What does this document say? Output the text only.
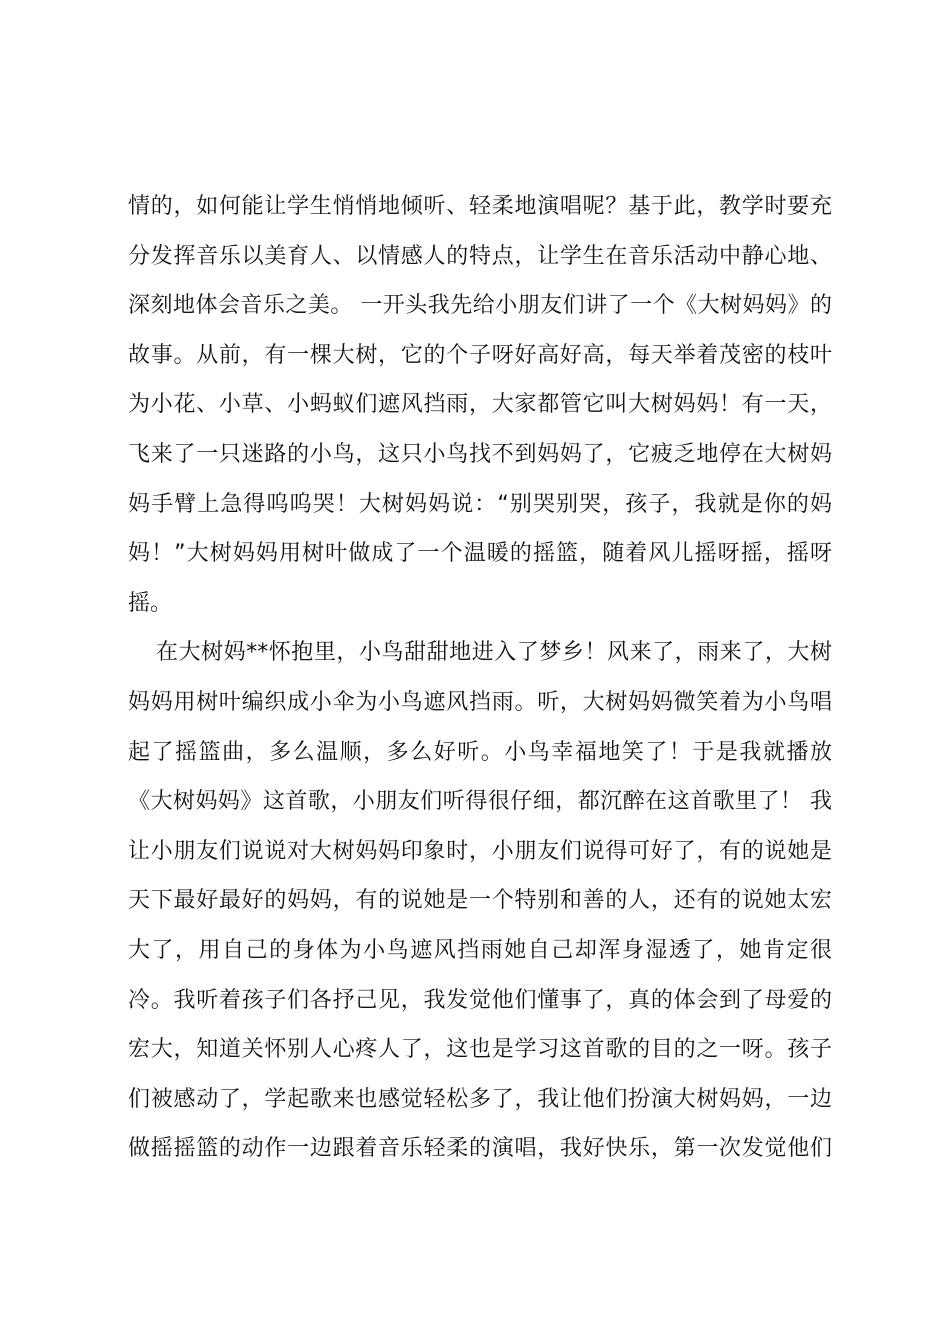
情的，如何能让学生悄悄地倾听、轻柔地演唱呢？基于此，教学时要充
分发挥音乐以美育人、以情感人的特点，让学生在音乐活动中静心地、
深刻地体会音乐之美。 一开头我先给小朋友们讲了一个《大树妈妈》的
故事。从前，有一棵大树，它的个子呀好高好高，每天举着茂密的枝叶
为小花、小草、小蚂蚁们遮风挡雨，大家都管它叫大树妈妈！有一天，
飞来了一只迷路的小鸟，这只小鸟找不到妈妈了，它疲乏地停在大树妈
妈手臂上急得呜呜哭！大树妈妈说：“别哭别哭，孩子，我就是你的妈
妈！”大树妈妈用树叶做成了一个温暖的摇篮，随着风儿摇呀摇，摇呀
摇。
在大树妈**怀抱里，小鸟甜甜地进入了梦乡！风来了，雨来了，大树
妈妈用树叶编织成小伞为小鸟遮风挡雨。听，大树妈妈微笑着为小鸟唱
起了摇篮曲，多么温顺，多么好听。小鸟幸福地笑了！于是我就播放
《大树妈妈》这首歌，小朋友们听得很仔细，都沉醉在这首歌里了！ 我
让小朋友们说说对大树妈妈印象时，小朋友们说得可好了，有的说她是
天下最好最好的妈妈，有的说她是一个特别和善的人，还有的说她太宏
大了，用自己的身体为小鸟遮风挡雨她自己却浑身湿透了，她肯定很
冷。我听着孩子们各抒己见，我发觉他们懂事了，真的体会到了母爱的
宏大，知道关怀别人心疼人了，这也是学习这首歌的目的之一呀。孩子
们被感动了，学起歌来也感觉轻松多了，我让他们扮演大树妈妈，一边
做摇摇篮的动作一边跟着音乐轻柔的演唱，我好快乐，第一次发觉他们
